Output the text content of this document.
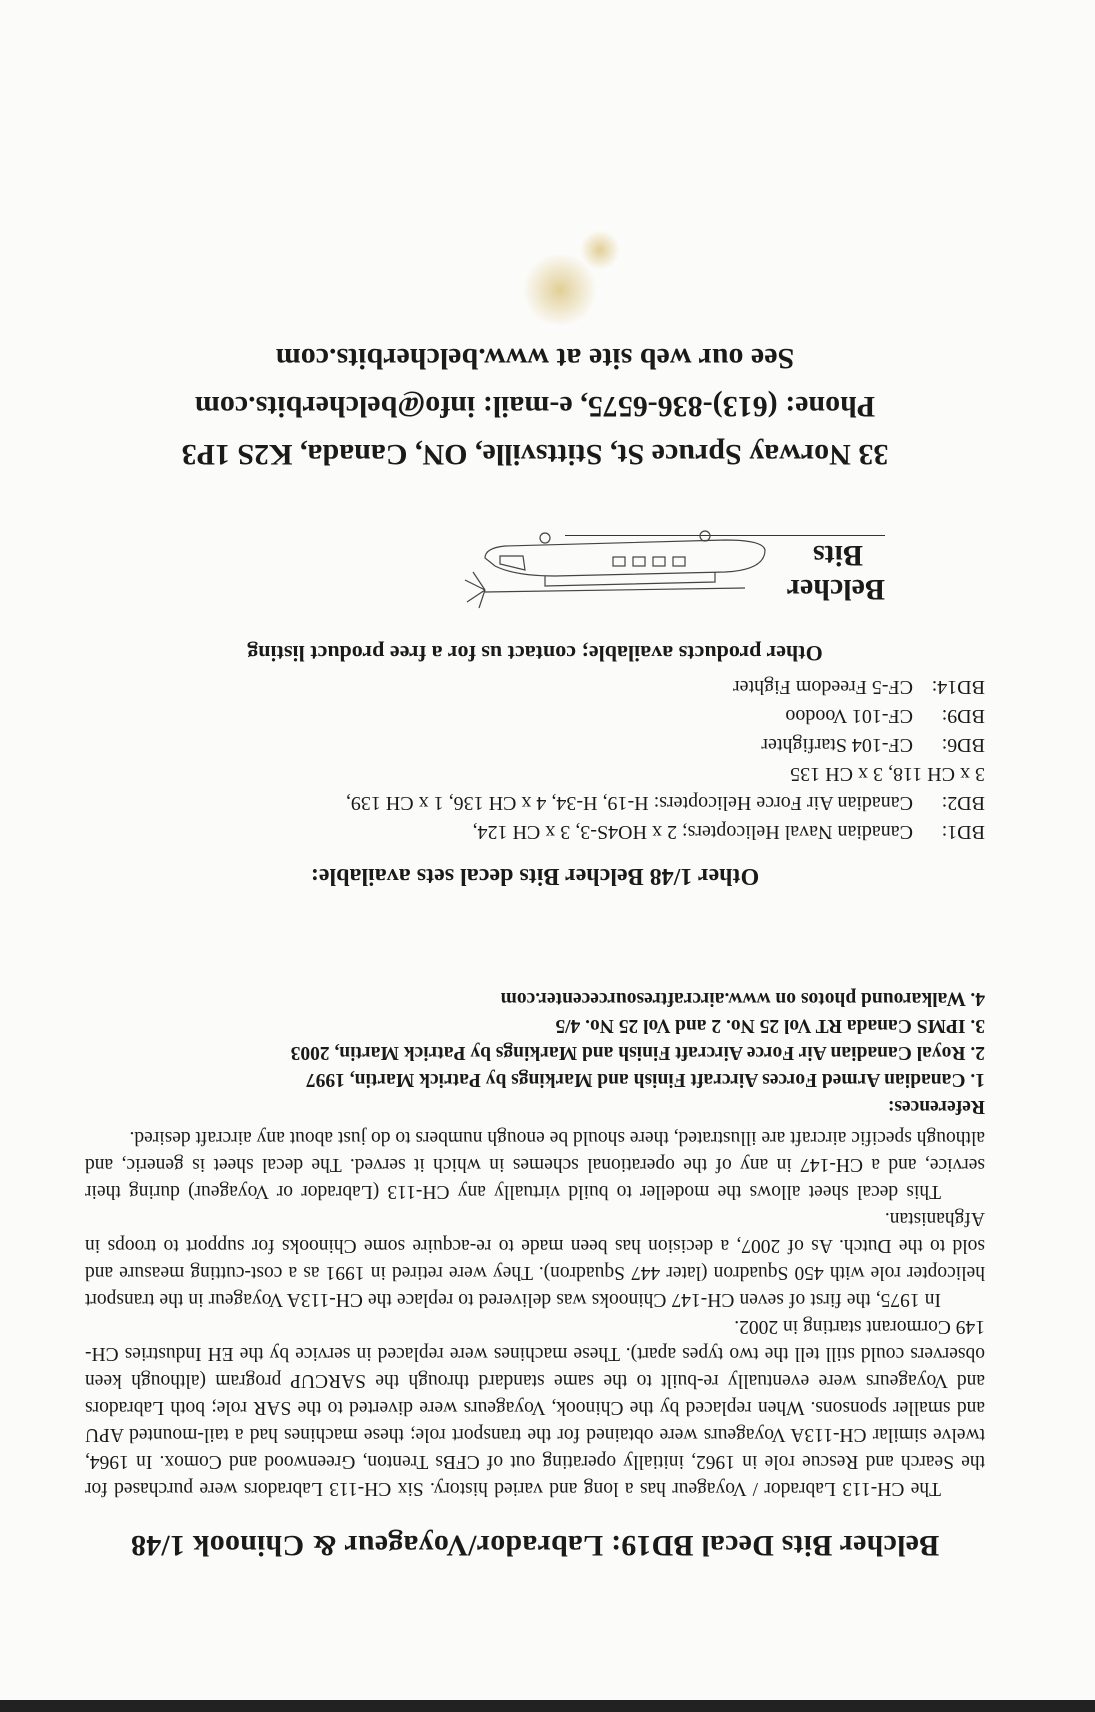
Belcher Bits Decal BD19: Labrador/Voyageur & Chinook 1/48

The CH-113 Labrador / Voyageur has a long and varied history. Six CH-113 Labradors were purchased for the Search and Rescue role in 1962, initially operating out of CFBs Trenton, Greenwood and Comox. In 1964, twelve similar CH-113A Voyageurs were obtained for the transport role; these machines had a tail-mounted APU and smaller sponsons. When replaced by the Chinook, Voyageurs were diverted to the SAR role; both Labradors and Voyageurs were eventually re-built to the same standard through the SARCUP program (although keen observers could still tell the two types apart). These machines were replaced in service by the EH Industries CH-149 Cormorant starting in 2002.

In 1975, the first of seven CH-147 Chinooks was delivered to replace the CH-113A Voyageur in the transport helicopter role with 450 Squadron (later 447 Squadron). They were retired in 1991 as a cost-cutting measure and sold to the Dutch. As of 2007, a decision has been made to re-acquire some Chinooks for support to troops in Afghanistan.

This decal sheet allows the modeller to build virtually any CH-113 (Labrador or Voyageur) during their service, and a CH-147 in any of the operational schemes in which it served. The decal sheet is generic, and although specific aircraft are illustrated, there should be enough numbers to do just about any aircraft desired.

References:

1. Canadian Armed Forces Aircraft Finish and Markings by Patrick Martin, 1997

2. Royal Canadian Air Force Aircraft Finish and Markings by Patrick Martin, 2003

3. IPMS Canada RT Vol 25 No. 2 and Vol 25 No. 4/5

4. Walkaround photos on www.aircraftresourcecenter.com

Other 1/48 Belcher Bits decal sets available:

BD1:Canadian Naval Helicopters; 2 x HO4S-3, 3 x CH 124,

BD2:Canadian Air Force Helicopters: H-19, H-34, 4 x CH 136, 1 x CH 139,

3 x CH 118, 3 x CH 135

BD6:CF-104 Starfighter

BD9:CF-101 Voodoo

BD14:CF-5 Freedom Fighter

Other products available; contact us for a free product listing

Belcher
Bits

33 Norway Spruce St, Stittsville, ON, Canada, K2S 1P3

Phone: (613)-836-6575, e-mail: info@belcherbits.com

See our web site at www.belcherbits.com
